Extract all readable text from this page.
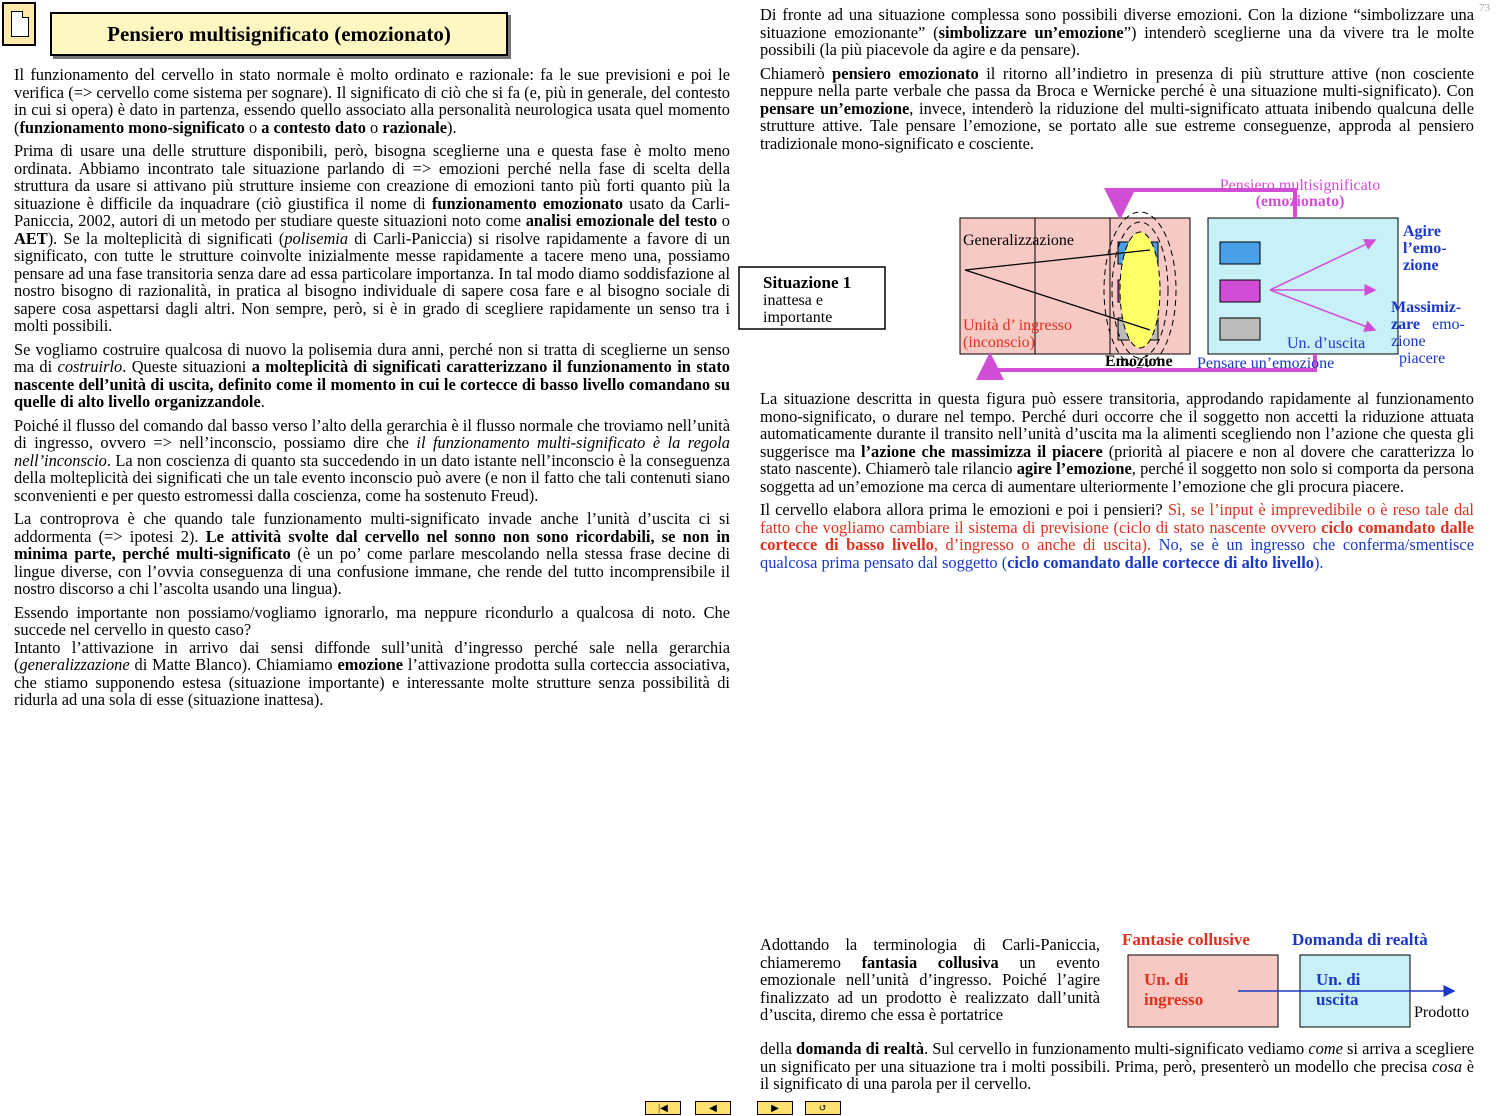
Pensiero multisignificato (emozionato)
73

Il funzionamento del cervello in stato normale è molto ordinato e razionale: fa le sue previsioni e poi le verifica (=> cervello come sistema per sognare). Il significato di ciò che si fa (e, più in generale, del contesto in cui si opera) è dato in partenza, essendo quello associato alla personalità neurologica usata quel momento (funzionamento mono-significato o a contesto dato o razionale).

Prima di usare una delle strutture disponibili, però, bisogna sceglierne una e questa fase è molto meno ordinata. Abbiamo incontrato tale situazione parlando di => emozioni perché nella fase di scelta della struttura da usare si attivano più strutture insieme con creazione di emozioni tanto più forti quanto più la situazione è difficile da inquadrare (ciò giustifica il nome di funzionamento emozionato usato da Carli-Paniccia, 2002, autori di un metodo per studiare queste situazioni noto come analisi emozionale del testo o AET). Se la molteplicità di significati (polisemia di Carli-Paniccia) si risolve rapidamente a favore di un significato, con tutte le strutture coinvolte inizialmente messe rapidamente a tacere meno una, possiamo pensare ad una fase transitoria senza dare ad essa particolare importanza. In tal modo diamo soddisfazione al nostro bisogno di razionalità, in pratica al bisogno individuale di sapere cosa fare e al bisogno sociale di sapere cosa aspettarsi dagli altri. Non sempre, però, si è in grado di scegliere rapidamente un senso tra i molti possibili.

Se vogliamo costruire qualcosa di nuovo la polisemia dura anni, perché non si tratta di sceglierne un senso ma di costruirlo. Queste situazioni a molteplicità di significati caratterizzano il funzionamento in stato nascente dell’unità di uscita, definito come il momento in cui le cortecce di basso livello comandano su quelle di alto livello organizzandole.

Poiché il flusso del comando dal basso verso l’alto della gerarchia è il flusso normale che troviamo nell’unità di ingresso, ovvero => nell’inconscio, possiamo dire che il funzionamento multi-significato è la regola nell’inconscio. La non coscienza di quanto sta succedendo in un dato istante nell’inconscio è la conseguenza della molteplicità dei significati che un tale evento inconscio può avere (e non il fatto che tali contenuti siano sconvenienti e per questo estromessi dalla coscienza, come ha sostenuto Freud).

La controprova è che quando tale funzionamento multi-significato invade anche l’unità d’uscita ci si addormenta (=> ipotesi 2). Le attività svolte dal cervello nel sonno non sono ricordabili, se non in minima parte, perché multi-significato (è un po’ come parlare mescolando nella stessa frase decine di lingue diverse, con l’ovvia conseguenza di una confusione immane, che rende del tutto incomprensibile il nostro discorso a chi l’ascolta usando una lingua).

Essendo importante non possiamo/vogliamo ignorarlo, ma neppure ricondurlo a qualcosa di noto. Che succede nel cervello in questo caso?
Intanto l’attivazione in arrivo dai sensi diffonde sull’unità d’ingresso perché sale nella gerarchia (generalizzazione di Matte Blanco). Chiamiamo emozione l’attivazione prodotta sulla corteccia associativa, che stiamo supponendo estesa (situazione importante) e interessante molte strutture senza possibilità di ridurla ad una sola di esse (situazione inattesa).

Di fronte ad una situazione complessa sono possibili diverse emozioni. Con la dizione “simbolizzare una situazione emozionante” (simbolizzare un’emozione”) intenderò sceglierne una da vivere tra le molte possibili (la più piacevole da agire e da pensare).

Chiamerò pensiero emozionato il ritorno all’indietro in presenza di più strutture attive (non cosciente neppure nella parte verbale che passa da Broca e Wernicke perché è una situazione multi-significato). Con pensare un’emozione, invece, intenderò la riduzione del multi-significato attuata inibendo qualcuna delle strutture attive. Tale pensare l’emozione, se portato alle sue estreme conseguenze, approda al pensiero tradizionale mono-significato e cosciente.

La situazione descritta in questa figura può essere transitoria, approdando rapidamente al funzionamento mono-significato, o durare nel tempo. Perché duri occorre che il soggetto non accetti la riduzione attuata automaticamente durante il transito nell’unità d’uscita ma la alimenti scegliendo non l’azione che questa gli suggerisce ma l’azione che massimizza il piacere (priorità al piacere e non al dovere che caratterizza lo stato nascente). Chiamerò tale rilancio agire l’emozione, perché il soggetto non solo si comporta da persona soggetta ad un’emozione ma cerca di aumentare ulteriormente l’emozione che gli procura piacere.

Il cervello elabora allora prima le emozioni e poi i pensieri? Sì, se l’input è imprevedibile o è reso tale dal fatto che vogliamo cambiare il sistema di previsione (ciclo di stato nascente ovvero ciclo comandato dalle cortecce di basso livello, d’ingresso o anche di uscita). No, se è un ingresso che conferma/smentisce qualcosa prima pensato dal soggetto (ciclo comandato dalle cortecce di alto livello).

Pensiero multisignificato
(emozionato)
Generalizzazione
Unità d’ ingresso
(inconscio)	Un. d’uscita
Situazione 1
inattesa e
importante
Emozione Pensare un’emozione
Agire
l’emo-
zione
Massimiz-
zare emo-
zione
piacere
Adottando la terminologia di Carli-Paniccia, chiameremo fantasia collusiva un evento emozionale nell’unità d’ingresso. Poiché l’agire finalizzato ad un prodotto è realizzato dall’unità d’uscita, diremo che essa è portatrice
Fantasie collusive Domanda di realtà
Un. di
ingresso
Un. di
uscita
Prodotto
della domanda di realtà. Sul cervello in funzionamento multi-significato vediamo come si arriva a scegliere un significato per una situazione tra i molti possibili. Prima, però, presenterò un modello che precisa cosa è il significato di una parola per il cervello.
|◀	◀	▶	↺
